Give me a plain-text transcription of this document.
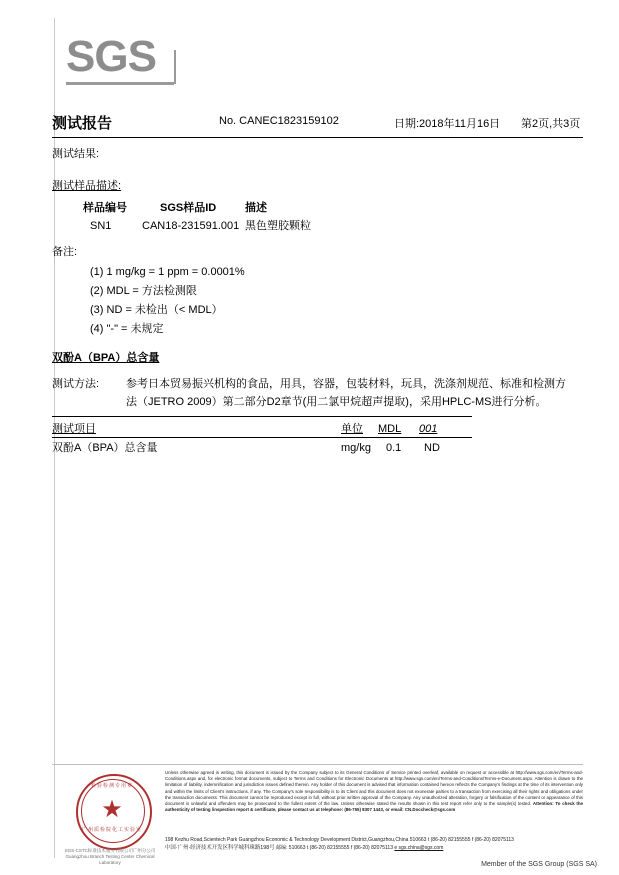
SGS
测试报告	No. CANEC1823159102	日期:2018年11月16日 第2页,共3页
测试结果:
测试样品描述:
样品编号	SGS样品ID	描述
SN1	CAN18-231591.001 黑色塑胶颗粒
备注:
(1) 1 mg/kg = 1 ppm = 0.0001%
(2) MDL = 方法检测限
(3) ND = 未检出（< MDL）
(4) "-" = 未规定
双酚A（BPA）总含量
测试方法: 参考日本贸易振兴机构的食品，用具，容器，包装材料，玩具，洗涤剂规范、标准和检测方
法（JETRO 2009）第二部分D2章节(用二氯甲烷超声提取)，采用HPLC-MS进行分析。
测试项目	单位 MDL 001
双酚A（BPA）总含量	mg/kg 0.1 ND
检验检测专用章
★
广州质检院化工实验室
SGS-CSTC标准技术服务有限公司广州分公司
Guangzhou Branch Testing Center Chemical Laboratory
Unless otherwise agreed in writing, this document is issued by the Company subject to its General Conditions of Service printed overleaf, available on request or accessible at http://www.sgs.com/en/Terms-and-Conditions.aspx and, for electronic format documents, subject to Terms and Conditions for Electronic Documents at http://www.sgs.com/en/Terms-and-Conditions/Terms-e-Document.aspx. Attention is drawn to the limitation of liability, indemnification and jurisdiction issues defined therein. Any holder of this document is advised that information contained hereon reflects the Company's findings at the time of its intervention only and within the limits of Client's instructions, if any. The Company's sole responsibility is to its Client and this document does not exonerate parties to a transaction from exercising all their rights and obligations under the transaction documents. This document cannot be reproduced except in full, without prior written approval of the Company. Any unauthorized alteration, forgery or falsification of the content or appearance of this document is unlawful and offenders may be prosecuted to the fullest extent of the law. Unless otherwise stated the results shown in this test report refer only to the sample(s) tested. Attention: To check the authenticity of testing /inspection report & certificate, please contact us at telephone: (86-755) 8307 1443, or email: CN.Doccheck@sgs.com
198 Kezhu Road,Scientech Park Guangzhou Economic & Technology Development District,Guangzhou,China 510663 t (86-20) 82155555 f (86-20) 82075113
中国·广州·经济技术开发区科学城科珠路198号 邮编: 510663 t (86-20) 82155555 f (86-20) 82075113 e sgs.china@sgs.com
Member of the SGS Group (SGS SA)
